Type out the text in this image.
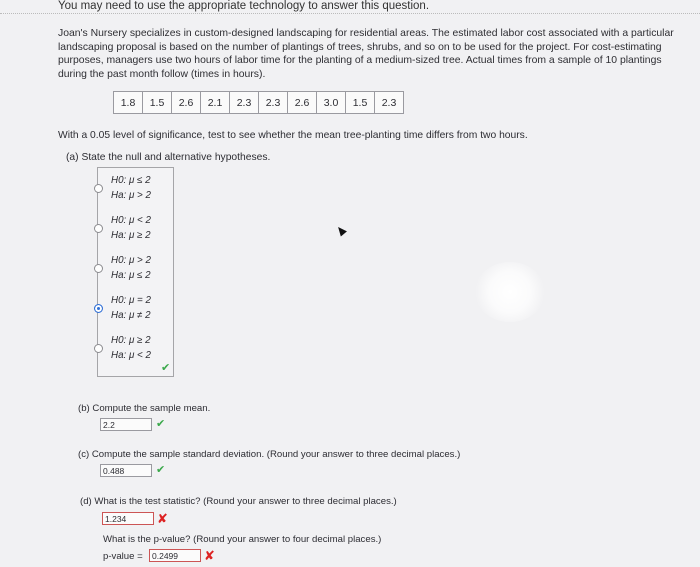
You may need to use the appropriate technology to answer this question.
Joan's Nursery specializes in custom-designed landscaping for residential areas. The estimated labor cost associated with a particular landscaping proposal is based on the number of plantings of trees, shrubs, and so on to be used for the project. For cost-estimating purposes, managers use two hours of labor time for the planting of a medium-sized tree. Actual times from a sample of 10 plantings during the past month follow (times in hours).
1.8	1.5	2.6	2.1	2.3	2.3	2.6	3.0	1.5	2.3
With a 0.05 level of significance, test to see whether the mean tree-planting time differs from two hours.
(a) State the null and alternative hypotheses.
✔
H0: μ ≤ 2
Ha: μ > 2
H0: μ < 2
Ha: μ ≥ 2
H0: μ > 2
Ha: μ ≤ 2
H0: μ = 2
Ha: μ ≠ 2
H0: μ ≥ 2
Ha: μ < 2
(b) Compute the sample mean.
2.2	✔
(c) Compute the sample standard deviation. (Round your answer to three decimal places.)
0.488	✔
(d) What is the test statistic? (Round your answer to three decimal places.)
1.234	✘
What is the p-value? (Round your answer to four decimal places.)
p-value =	0.2499	✘
